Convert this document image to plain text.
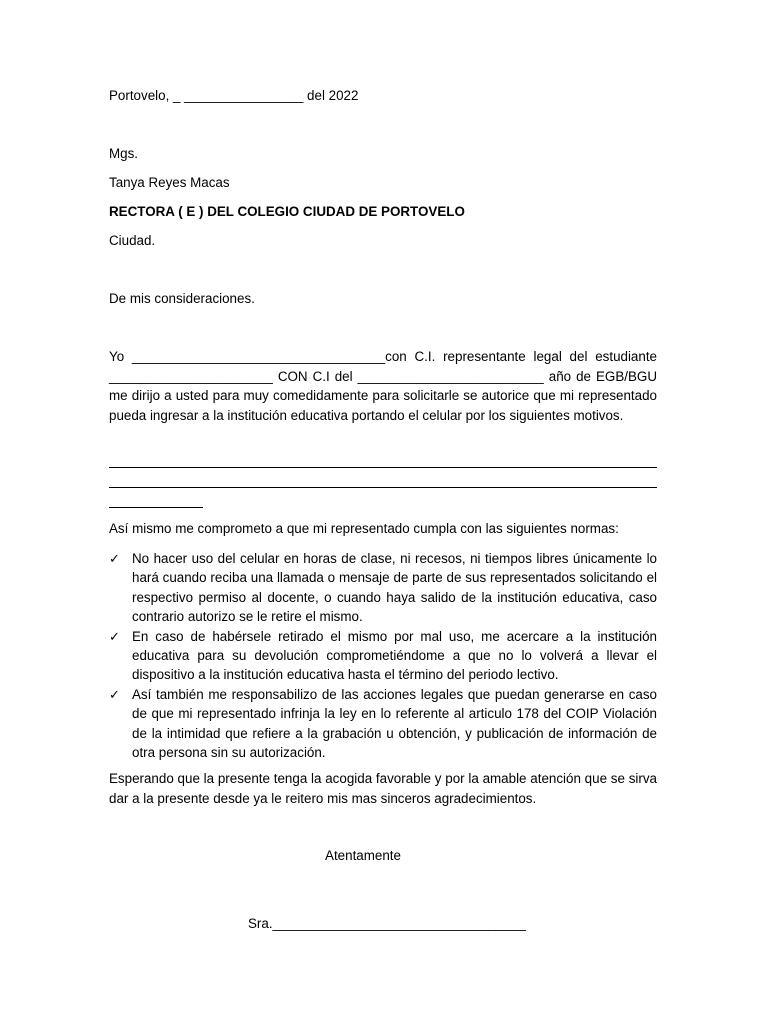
Portovelo, _ ________________ del 2022
Mgs.
Tanya Reyes Macas
RECTORA ( E ) DEL COLEGIO CIUDAD DE PORTOVELO
Ciudad.
De mis consideraciones.
Yo __________________________________con C.I. representante legal del estudiante ______________________ CON C.I del _________________________ año de EGB/BGU me dirijo a usted para muy comedidamente para solicitarle se autorice que mi representado pueda ingresar a la institución educativa portando el celular por los siguientes motivos.
Así mismo me comprometo a que mi representado cumpla con las siguientes normas:
✓ No hacer uso del celular en horas de clase, ni recesos, ni tiempos libres únicamente lo hará cuando reciba una llamada o mensaje de parte de sus representados solicitando el respectivo permiso al docente, o cuando haya salido de la institución educativa, caso contrario autorizo se le retire el mismo.
✓ En caso de habérsele retirado el mismo por mal uso, me acercare a la institución educativa para su devolución comprometiéndome a que no lo volverá a llevar el dispositivo a la institución educativa hasta el término del periodo lectivo.
✓ Así también me responsabilizo de las acciones legales que puedan generarse en caso de que mi representado infrinja la ley en lo referente al articulo 178 del COIP Violación de la intimidad que refiere a la grabación u obtención, y publicación de información de otra persona sin su autorización.
Esperando que la presente tenga la acogida favorable y por la amable atención que se sirva dar a la presente desde ya le reitero mis mas sinceros agradecimientos.
Atentamente
Sra.__________________________________
